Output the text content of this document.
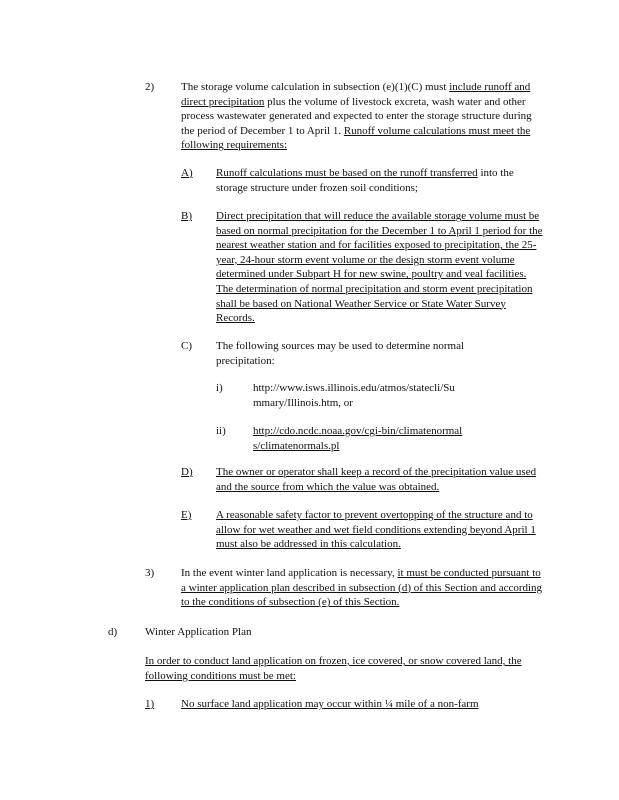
2) The storage volume calculation in subsection (e)(1)(C) must include runoff and direct precipitation plus the volume of livestock excreta, wash water and other process wastewater generated and expected to enter the storage structure during the period of December 1 to April 1. Runoff volume calculations must meet the following requirements:
A) Runoff calculations must be based on the runoff transferred into the storage structure under frozen soil conditions;
B) Direct precipitation that will reduce the available storage volume must be based on normal precipitation for the December 1 to April 1 period for the nearest weather station and for facilities exposed to precipitation, the 25-year, 24-hour storm event volume or the design storm event volume determined under Subpart H for new swine, poultry and veal facilities. The determination of normal precipitation and storm event precipitation shall be based on National Weather Service or State Water Survey Records.
C) The following sources may be used to determine normal precipitation:
i)	http://www.isws.illinois.edu/atmos/statecli/Summary/Illinois.htm, or
ii) http://cdo.ncdc.noaa.gov/cgi-bin/climatenormals/climatenormals.pl
D) The owner or operator shall keep a record of the precipitation value used and the source from which the value was obtained.
E) A reasonable safety factor to prevent overtopping of the structure and to allow for wet weather and wet field conditions extending beyond April 1 must also be addressed in this calculation.
3) In the event winter land application is necessary, it must be conducted pursuant to a winter application plan described in subsection (d) of this Section and according to the conditions of subsection (e) of this Section.
d)	Winter Application Plan
In order to conduct land application on frozen, ice covered, or snow covered land, the following conditions must be met:
1) No surface land application may occur within ¼ mile of a non-farm
